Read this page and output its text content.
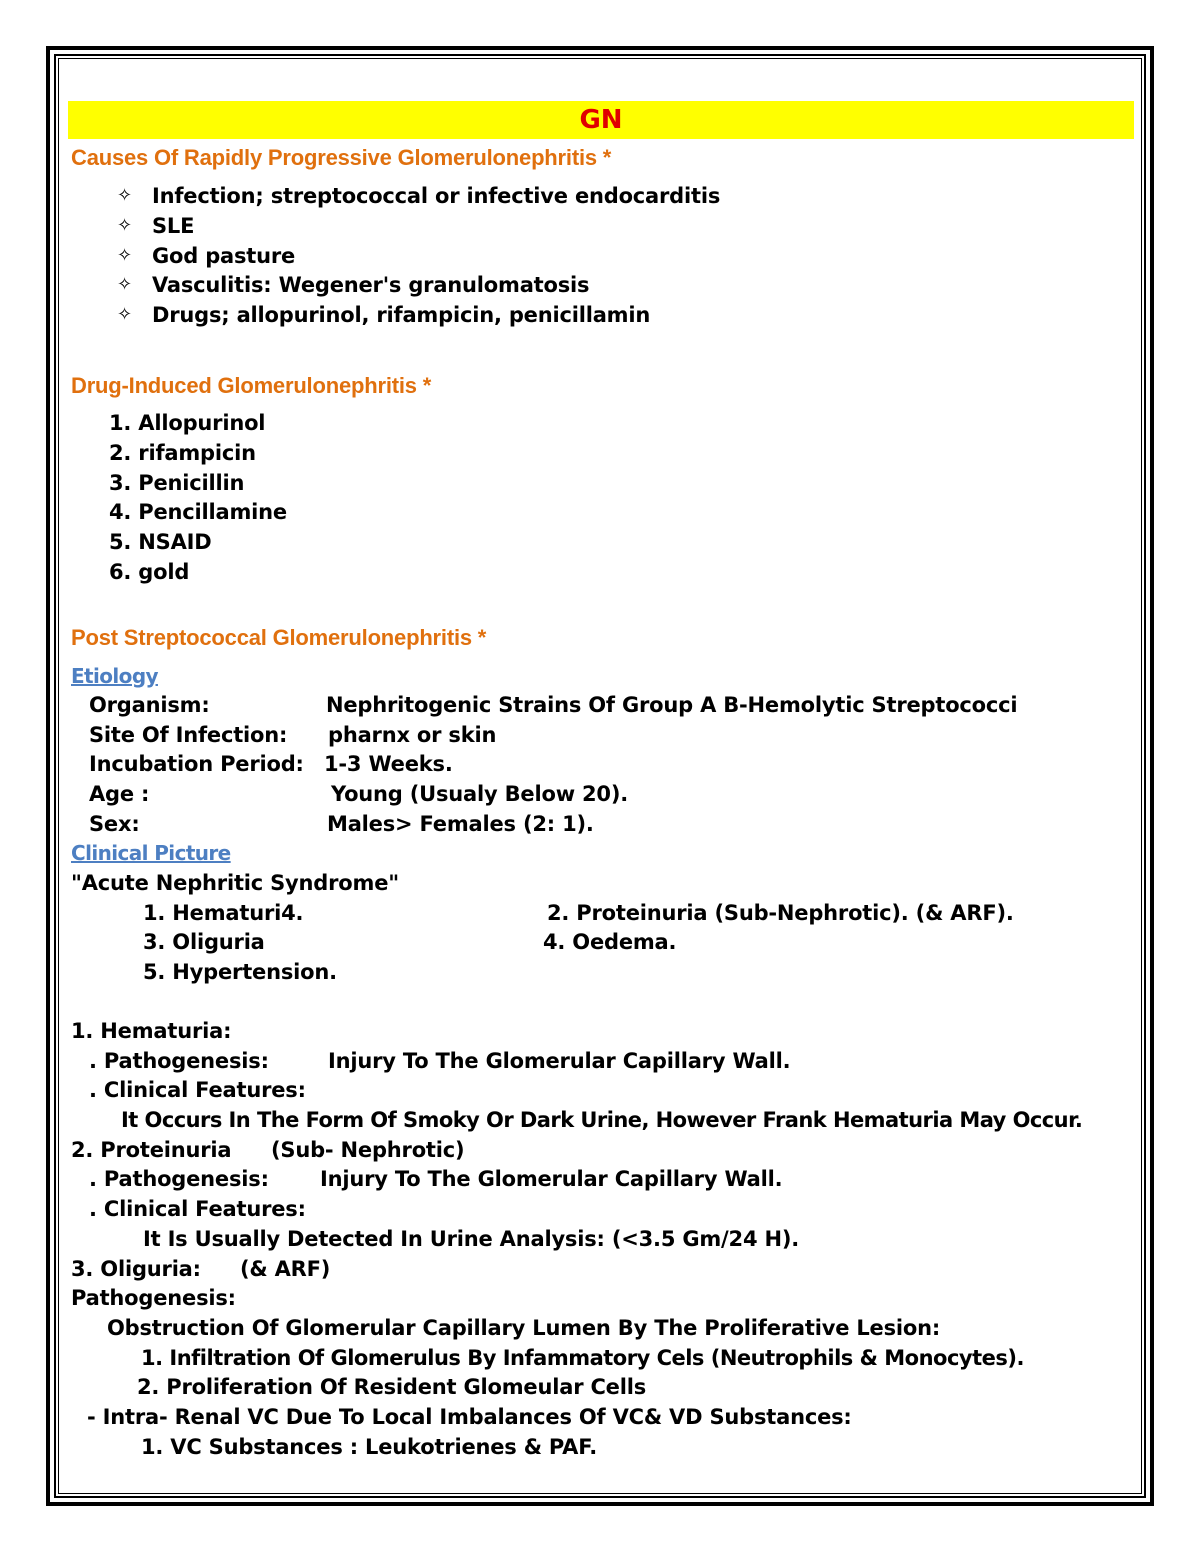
GN
Causes Of Rapidly Progressive Glomerulonephritis *
✧ Infection; streptococcal or infective endocarditis
✧ SLE
✧ God pasture
✧ Vasculitis: Wegener's granulomatosis
✧ Drugs; allopurinol, rifampicin, penicillamin
Drug-Induced Glomerulonephritis *
1. Allopurinol
2. rifampicin
3. Penicillin
4. Pencillamine
5. NSAID
6. gold
Post Streptococcal Glomerulonephritis *
Etiology
Organism:	Nephritogenic Strains Of Group A B-Hemolytic Streptococci
Site Of Infection: pharnx or skin
Incubation Period: 1-3 Weeks.
Age :	Young (Usualy Below 20).
Sex:	Males> Females (2: 1).
Clinical Picture
"Acute Nephritic Syndrome"
1. Hematuri4.	2. Proteinuria (Sub-Nephrotic). (& ARF).
3. Oliguria	4. Oedema.
5. Hypertension.
1. Hematuria:
. Pathogenesis:	Injury To The Glomerular Capillary Wall.
. Clinical Features:
It Occurs In The Form Of Smoky Or Dark Urine, However Frank Hematuria May Occur.
2. Proteinuria (Sub- Nephrotic)
. Pathogenesis: Injury To The Glomerular Capillary Wall.
. Clinical Features:
It Is Usually Detected In Urine Analysis: (<3.5 Gm/24 H).
3. Oliguria: (& ARF)
Pathogenesis:
Obstruction Of Glomerular Capillary Lumen By The Proliferative Lesion:
1. Infiltration Of Glomerulus By Infammatory Cels (Neutrophils & Monocytes).
2. Proliferation Of Resident Glomeular Cells
- Intra- Renal VC Due To Local Imbalances Of VC& VD Substances:
1. VC Substances : Leukotrienes & PAF.
